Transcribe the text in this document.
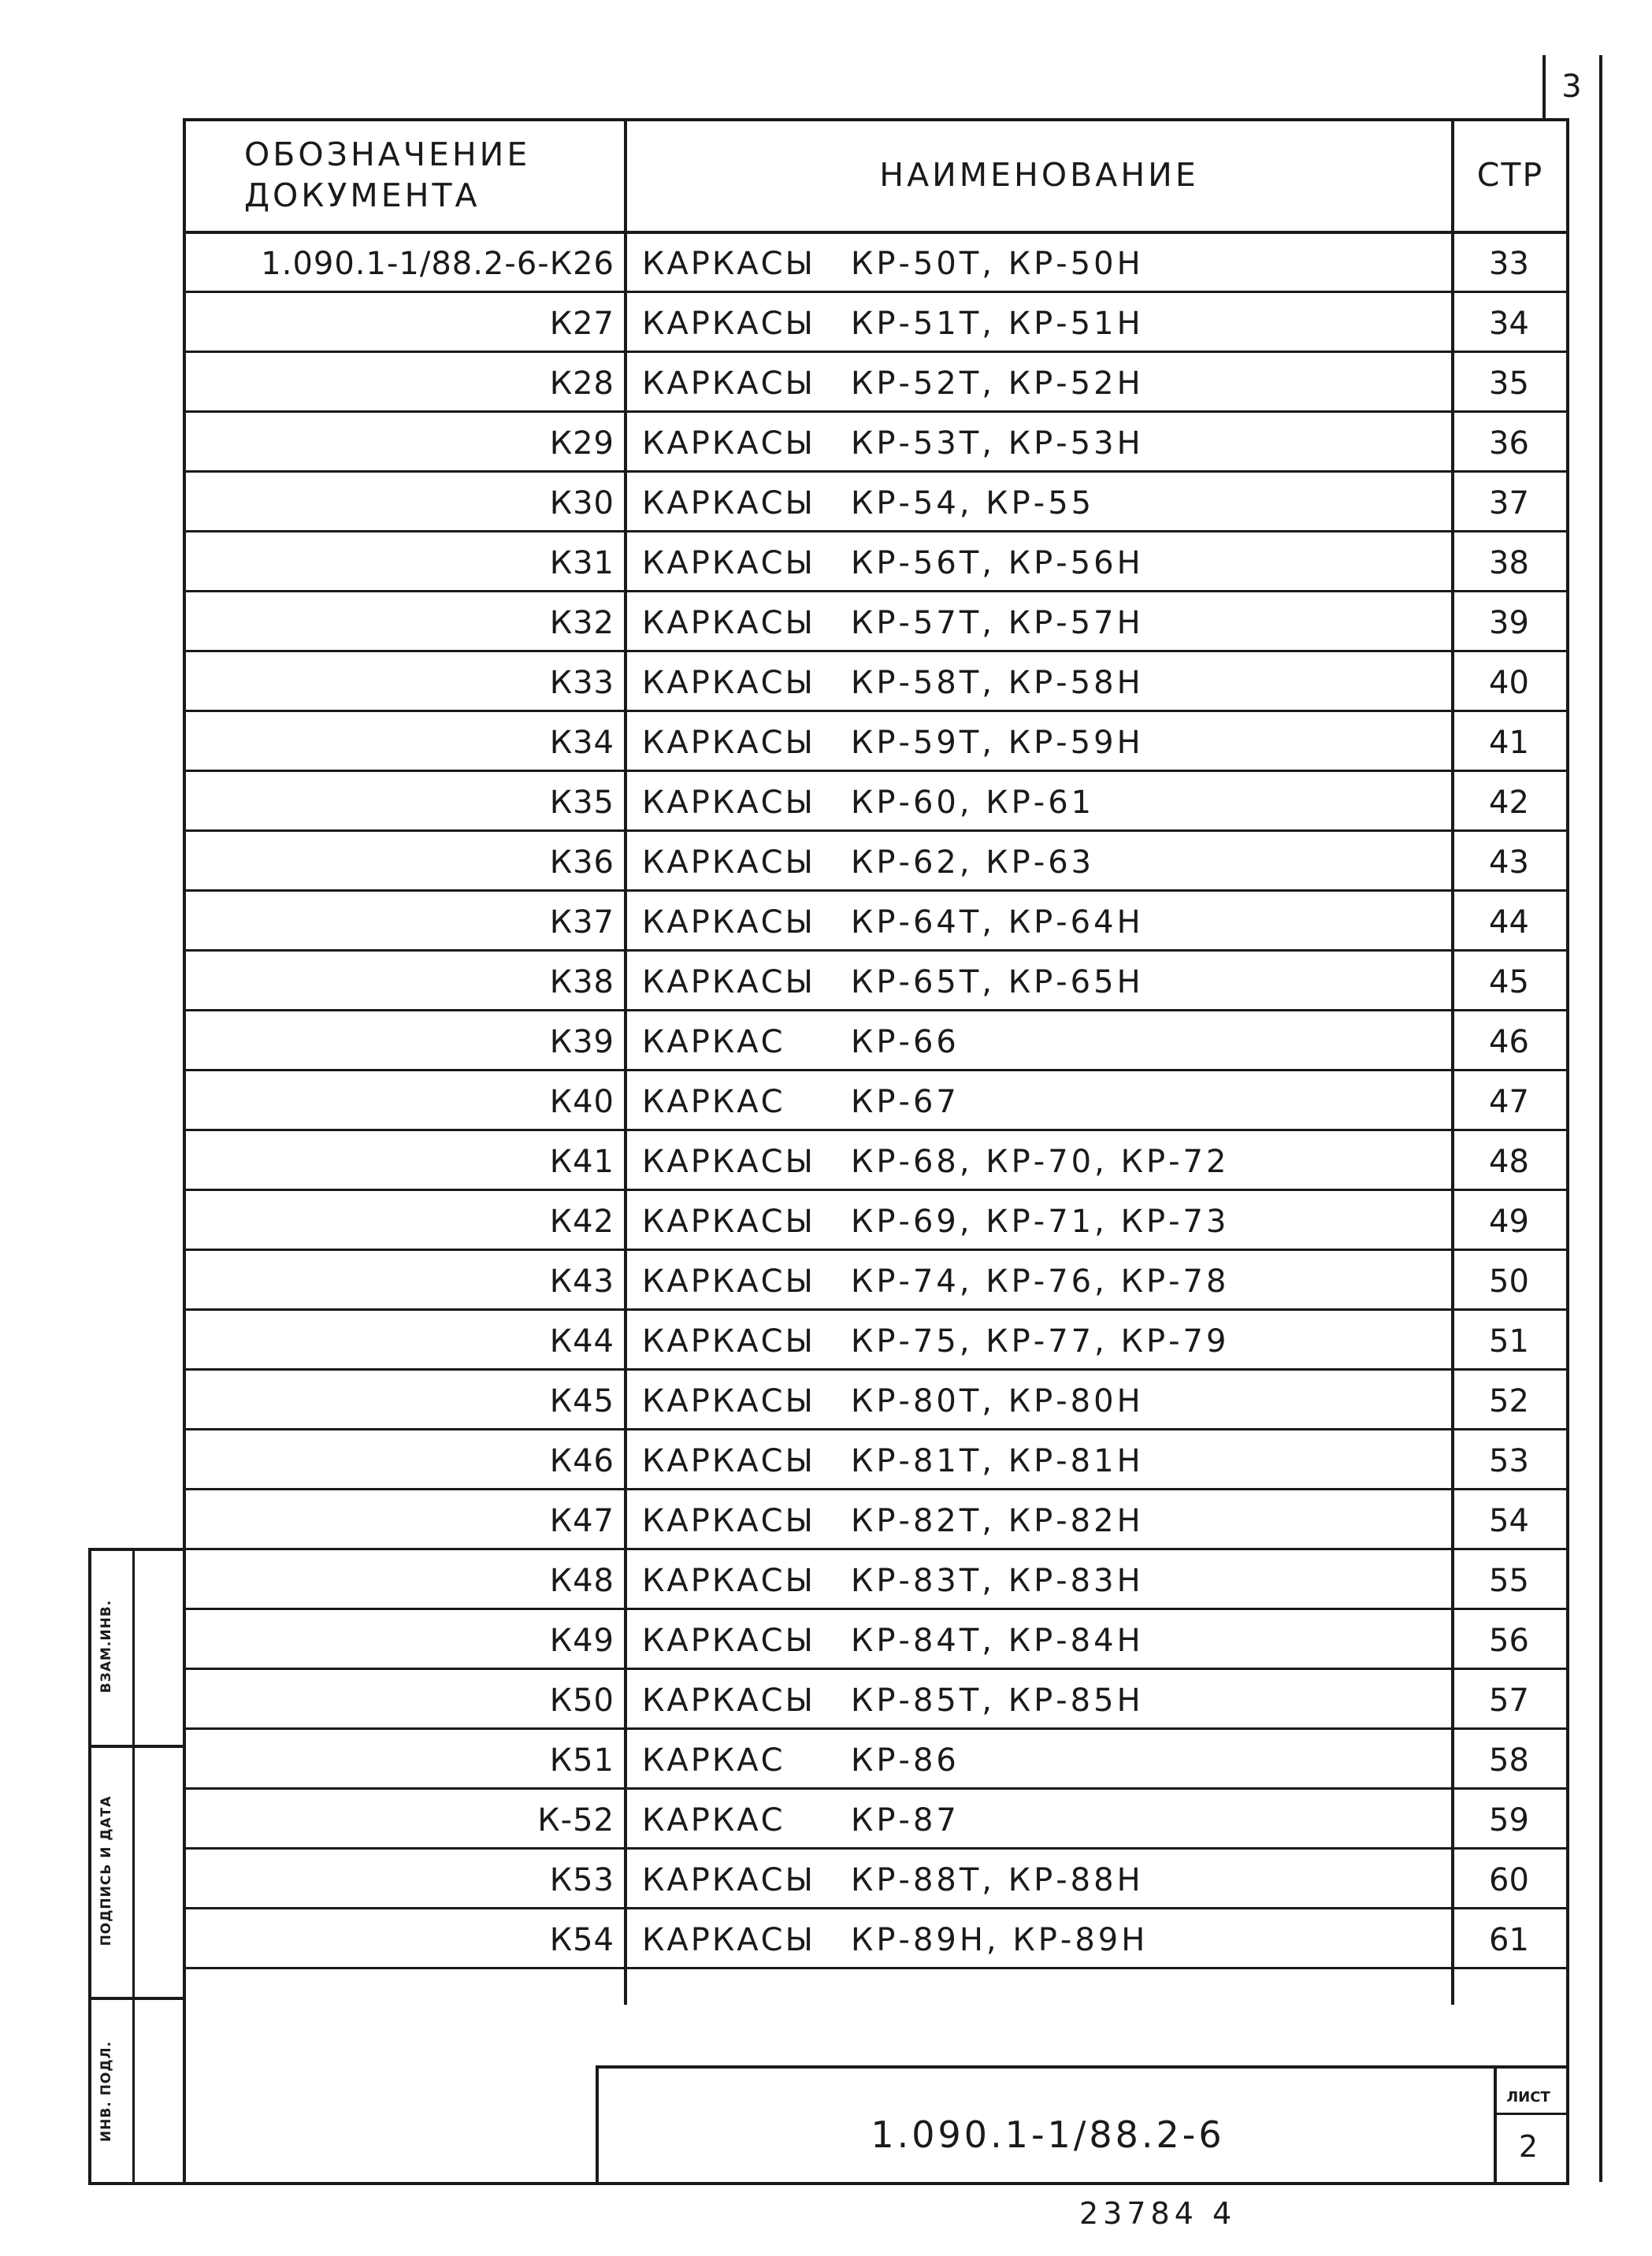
3
ОБОЗНАЧЕНИЕ
ДОКУМЕНТА
НАИМЕНОВАНИЕ	СТР
1.090.1-1/88.2-6-К26 КАРКАСЫ	КР-50Т, КР-50Н	33
К27 КАРКАСЫ	КР-51Т, КР-51Н	34
К28 КАРКАСЫ	КР-52Т, КР-52Н	35
К29 КАРКАСЫ	КР-53Т, КР-53Н	36
К30 КАРКАСЫ	КР-54, КР-55	37
К31 КАРКАСЫ	КР-56Т, КР-56Н	38
К32 КАРКАСЫ	КР-57Т, КР-57Н	39
К33 КАРКАСЫ	КР-58Т, КР-58Н	40
К34 КАРКАСЫ	КР-59Т, КР-59Н	41
К35 КАРКАСЫ	КР-60, КР-61	42
К36 КАРКАСЫ	КР-62, КР-63	43
К37 КАРКАСЫ	КР-64Т, КР-64Н	44
К38 КАРКАСЫ	КР-65Т, КР-65Н	45
К39 КАРКАС	КР-66	46
К40 КАРКАС	КР-67	47
К41 КАРКАСЫ	КР-68, КР-70, КР-72	48
К42 КАРКАСЫ	КР-69, КР-71, КР-73	49
К43 КАРКАСЫ	КР-74, КР-76, КР-78	50
К44 КАРКАСЫ	КР-75, КР-77, КР-79	51
К45 КАРКАСЫ	КР-80Т, КР-80Н	52
К46 КАРКАСЫ	КР-81Т, КР-81Н	53
К47 КАРКАСЫ	КР-82Т, КР-82Н	54
К48 КАРКАСЫ	КР-83Т, КР-83Н	55
К49 КАРКАСЫ	КР-84Т, КР-84Н	56
К50 КАРКАСЫ	КР-85Т, КР-85Н	57
К51 КАРКАС	КР-86	58
К-52 КАРКАС	КР-87	59
К53 КАРКАСЫ	КР-88Т, КР-88Н	60
К54 КАРКАСЫ	КР-89Н, КР-89Н	61
ВЗАМ.ИНВ.
ПОДПИСЬ И ДАТА
ИНВ. ПОДЛ.	1.090.1-1/88.2-6
ЛИСТ
2
23784 4
